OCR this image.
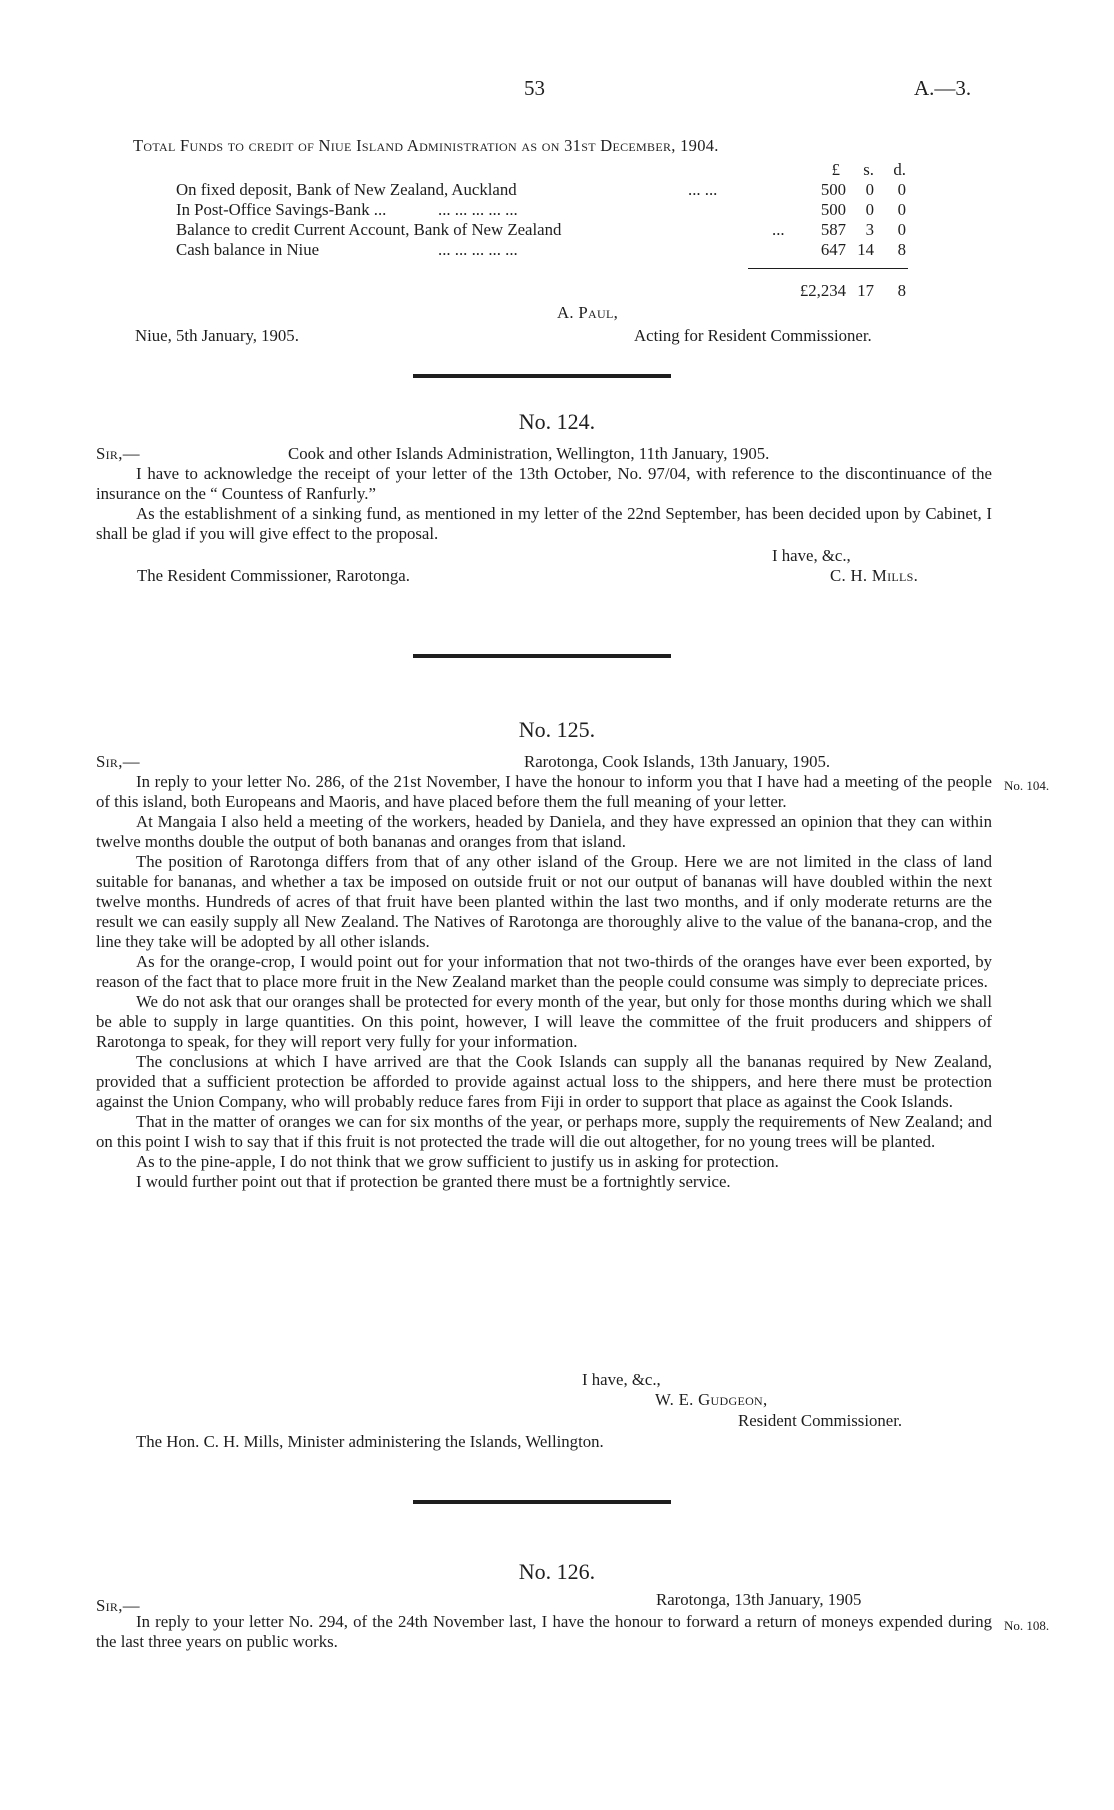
53	A.—3.
Total Funds to credit of Niue Island Administration as on 31st December, 1904.
£	s.	d.
On fixed deposit, Bank of New Zealand, Auckland	... ...	500	0	0
In Post-Office Savings-Bank ...	... ... ... ... ...	500	0	0
Balance to credit Current Account, Bank of New Zealand	...	587	3	0
Cash balance in Niue	... ... ... ... ...	647 14	8
£2,234 17	8
A. Paul,
Niue, 5th January, 1905.	Acting for Resident Commissioner.
No. 124.
Sir,—	Cook and other Islands Administration, Wellington, 11th January, 1905.

I have to acknowledge the receipt of your letter of the 13th October, No. 97/04, with reference to the discontinuance of the insurance on the “ Countess of Ranfurly.”

As the establishment of a sinking fund, as mentioned in my letter of the 22nd September, has been decided upon by Cabinet, I shall be glad if you will give effect to the proposal.

I have, &c.,
The Resident Commissioner, Rarotonga.	C. H. Mills.
No. 125.
Sir,—	Rarotonga, Cook Islands, 13th January, 1905.
No. 104.

In reply to your letter No. 286, of the 21st November, I have the honour to inform you that I have had a meeting of the people of this island, both Europeans and Maoris, and have placed before them the full meaning of your letter.

At Mangaia I also held a meeting of the workers, headed by Daniela, and they have expressed an opinion that they can within twelve months double the output of both bananas and oranges from that island.

The position of Rarotonga differs from that of any other island of the Group. Here we are not limited in the class of land suitable for bananas, and whether a tax be imposed on outside fruit or not our output of bananas will have doubled within the next twelve months. Hundreds of acres of that fruit have been planted within the last two months, and if only moderate returns are the result we can easily supply all New Zealand. The Natives of Rarotonga are thoroughly alive to the value of the banana-crop, and the line they take will be adopted by all other islands.

As for the orange-crop, I would point out for your information that not two-thirds of the oranges have ever been exported, by reason of the fact that to place more fruit in the New Zealand market than the people could consume was simply to depreciate prices.

We do not ask that our oranges shall be protected for every month of the year, but only for those months during which we shall be able to supply in large quantities. On this point, however, I will leave the committee of the fruit producers and shippers of Rarotonga to speak, for they will report very fully for your information.

The conclusions at which I have arrived are that the Cook Islands can supply all the bananas required by New Zealand, provided that a sufficient protection be afforded to provide against actual loss to the shippers, and here there must be protection against the Union Company, who will probably reduce fares from Fiji in order to support that place as against the Cook Islands.

That in the matter of oranges we can for six months of the year, or perhaps more, supply the requirements of New Zealand; and on this point I wish to say that if this fruit is not protected the trade will die out altogether, for no young trees will be planted.

As to the pine-apple, I do not think that we grow sufficient to justify us in asking for protection.

I would further point out that if protection be granted there must be a fortnightly service.

I have, &c.,
W. E. Gudgeon,
Resident Commissioner.
The Hon. C. H. Mills, Minister administering the Islands, Wellington.
No. 126.
Sir,—	Rarotonga, 13th January, 1905
No. 108.

In reply to your letter No. 294, of the 24th November last, I have the honour to forward a return of moneys expended during the last three years on public works.
